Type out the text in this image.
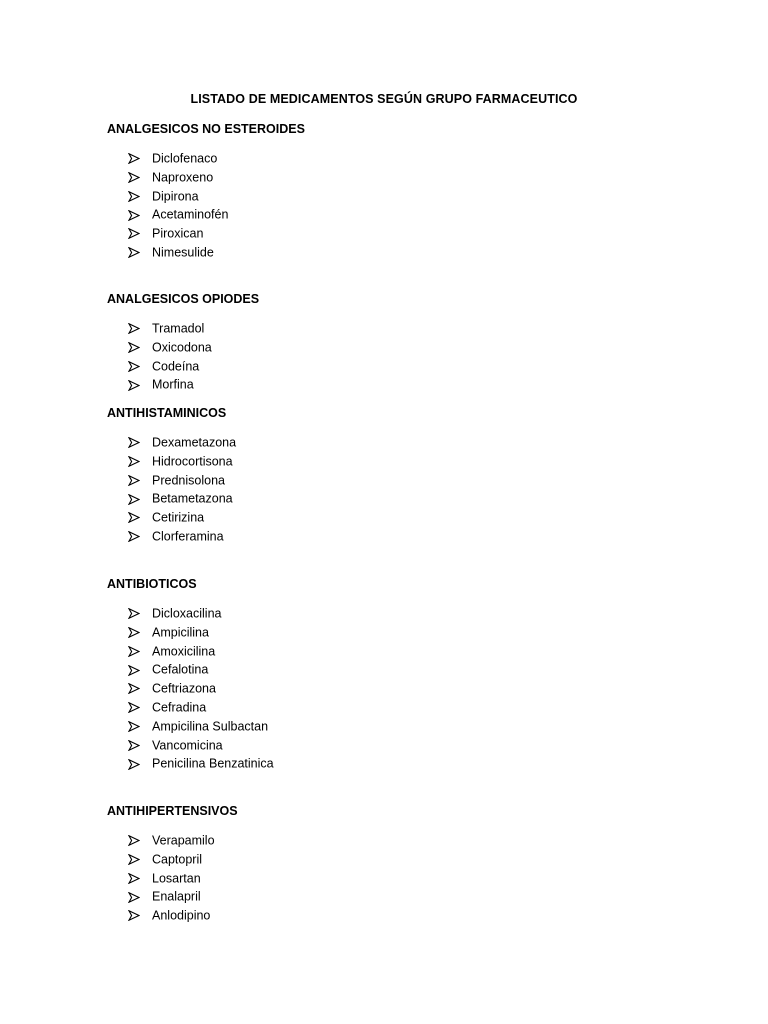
LISTADO DE MEDICAMENTOS SEGÚN GRUPO FARMACEUTICO
ANALGESICOS NO ESTEROIDES
Diclofenaco
Naproxeno
Dipirona
Acetaminofén
Piroxican
Nimesulide
ANALGESICOS OPIODES
Tramadol
Oxicodona
Codeína
Morfina
ANTIHISTAMINICOS
Dexametazona
Hidrocortisona
Prednisolona
Betametazona
Cetirizina
Clorferamina
ANTIBIOTICOS
Dicloxacilina
Ampicilina
Amoxicilina
Cefalotina
Ceftriazona
Cefradina
Ampicilina Sulbactan
Vancomicina
Penicilina Benzatinica
ANTIHIPERTENSIVOS
Verapamilo
Captopril
Losartan
Enalapril
Anlodipino
